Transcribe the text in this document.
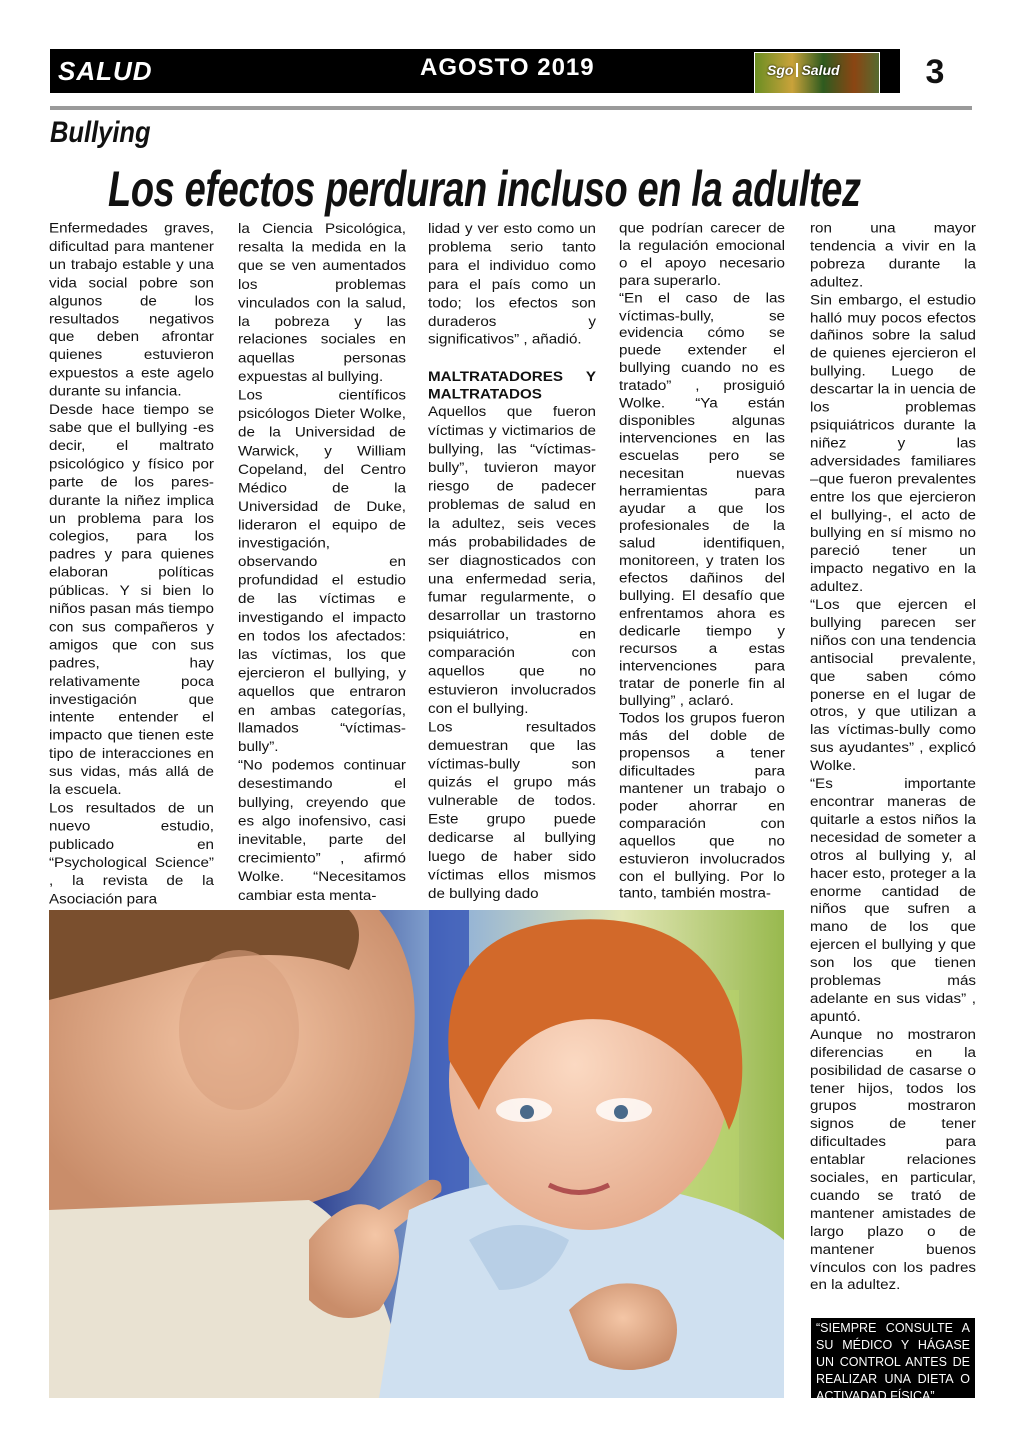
SALUD	AGOSTO 2019	Sgo Salud	3
Bullying
Los efectos perduran incluso en la adultez

Enfermedades graves, dificultad para mantener un trabajo estable y una vida social pobre son algunos de los resultados negativos que deben afrontar quienes estuvieron expuestos a este agelo durante su infancia.

Desde hace tiempo se sabe que el bullying -es decir, el maltrato psicológico y físico por parte de los pares- durante la niñez implica un problema para los colegios, para los padres y para quienes elaboran políticas públicas. Y si bien lo niños pasan más tiempo con sus compañeros y amigos que con sus padres, hay relativamente poca investigación que intente entender el impacto que tienen este tipo de interacciones en sus vidas, más allá de la escuela.

Los resultados de un nuevo estudio, publicado en “Psychological Science” , la revista de la Asociación para

la Ciencia Psicológica, resalta la medida en la que se ven aumentados los problemas vinculados con la salud, la pobreza y las relaciones sociales en aquellas personas expuestas al bullying.

Los científicos psicólogos Dieter Wolke, de la Universidad de Warwick, y William Copeland, del Centro Médico de la Universidad de Duke, lideraron el equipo de investigación, observando en profundidad el estudio de las víctimas e investigando el impacto en todos los afectados: las víctimas, los que ejercieron el bullying, y aquellos que entraron en ambas categorías, llamados “víctimas-bully”.

“No podemos continuar desestimando el bullying, creyendo que es algo inofensivo, casi inevitable, parte del crecimiento” , afirmó Wolke. “Necesitamos cambiar esta menta-

lidad y ver esto como un problema serio tanto para el individuo como para el país como un todo; los efectos son duraderos y significativos” , añadió.

MALTRATADORES Y MALTRATADOS

Aquellos que fueron víctimas y victimarios de bullying, las “víctimas-bully”, tuvieron mayor riesgo de padecer problemas de salud en la adultez, seis veces más probabilidades de ser diagnosticados con una enfermedad seria, fumar regularmente, o desarrollar un trastorno psiquiátrico, en comparación con aquellos que no estuvieron involucrados con el bullying.

Los resultados demuestran que las víctimas-bully son quizás el grupo más vulnerable de todos. Este grupo puede dedicarse al bullying luego de haber sido víctimas ellos mismos de bullying dado

que podrían carecer de la regulación emocional o el apoyo necesario para superarlo.

“En el caso de las víctimas-bully, se evidencia cómo se puede extender el bullying cuando no es tratado” , prosiguió Wolke. “Ya están disponibles algunas intervenciones en las escuelas pero se necesitan nuevas herramientas para ayudar a que los profesionales de la salud identifiquen, monitoreen, y traten los efectos dañinos del bullying. El desafío que enfrentamos ahora es dedicarle tiempo y recursos a estas intervenciones para tratar de ponerle fin al bullying” , aclaró.

Todos los grupos fueron más del doble de propensos a tener dificultades para mantener un trabajo o poder ahorrar en comparación con aquellos que no estuvieron involucrados con el bullying. Por lo tanto, también mostra-

ron una mayor tendencia a vivir en la pobreza durante la adultez.

Sin embargo, el estudio halló muy pocos efectos dañinos sobre la salud de quienes ejercieron el bullying. Luego de descartar la in uencia de los problemas psiquiátricos durante la niñez y las adversidades familiares –que fueron prevalentes entre los que ejercieron el bullying-, el acto de bullying en sí mismo no pareció tener un impacto negativo en la adultez.

“Los que ejercen el bullying parecen ser niños con una tendencia antisocial prevalente, que saben cómo ponerse en el lugar de otros, y que utilizan a las víctimas-bully como sus ayudantes” , explicó Wolke.

“Es importante encontrar maneras de quitarle a estos niños la necesidad de someter a otros al bullying y, al hacer esto, proteger a la enorme cantidad de niños que sufren a mano de los que ejercen el bullying y que son los que tienen problemas más adelante en sus vidas” , apuntó.

Aunque no mostraron diferencias en la posibilidad de casarse o tener hijos, todos los grupos mostraron signos de tener dificultades para entablar relaciones sociales, en particular, cuando se trató de mantener amistades de largo plazo o de mantener buenos vínculos con los padres en la adultez.

“SIEMPRE CONSULTE A SU MÉDICO Y HÁGASE UN CONTROL ANTES DE REALIZAR UNA DIETA O ACTIVADAD FÍSICA”
